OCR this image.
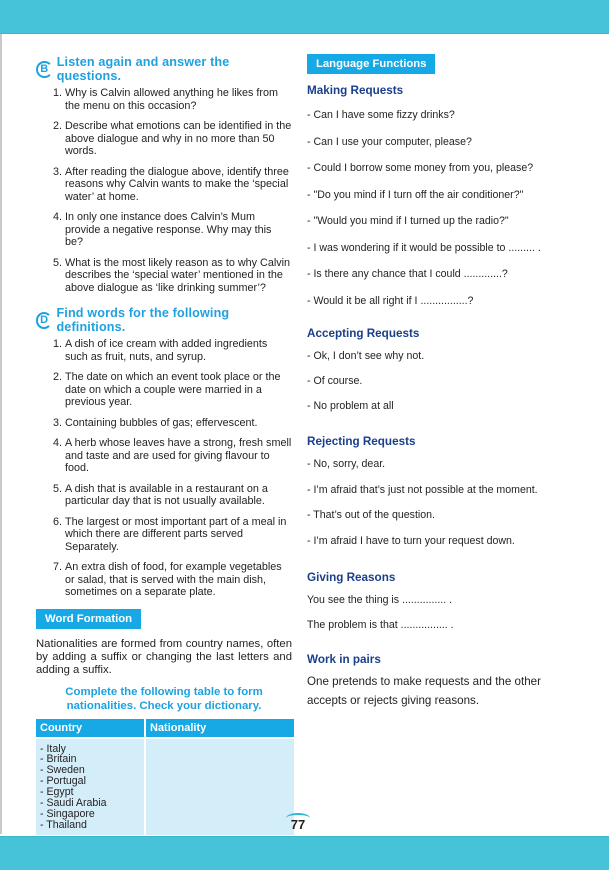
B Listen again and answer the questions.
1. Why is Calvin allowed anything he likes from the menu on this occasion?
2. Describe what emotions can be identified in the above dialogue and why in no more than 50 words.
3. After reading the dialogue above, identify three reasons why Calvin wants to make the ‘special water’ at home.
4. In only one instance does Calvin’s Mum provide a negative response. Why may this be?
5. What is the most likely reason as to why Calvin describes the ‘special water’ mentioned in the above dialogue as ‘like drinking summer’?
D Find words for the following definitions.
1. A dish of ice cream with added ingredients such as fruit, nuts, and syrup.
2. The date on which an event took place or the date on which a couple were married in a previous year.
3. Containing bubbles of gas; effervescent.
4. A herb whose leaves have a strong, fresh smell and taste and are used for giving flavour to food.
5. A dish that is available in a restaurant on a particular day that is not usually available.
6. The largest or most important part of a meal in which there are different parts served Separately.
7. An extra dish of food, for example vegetables or salad, that is served with the main dish, sometimes on a separate plate.
Word Formation

Nationalities are formed from country names, often by adding a suffix or changing the last letters and adding a suffix.

Complete the following table to form
nationalities. Check your dictionary.
Country	Nationality

- Italy
- Britain
- Sweden
- Portugal
- Egypt
- Saudi Arabia
- Singapore
- Thailand

Language Functions
Making Requests
- Can I have some fizzy drinks?
- Can I use your computer, please?
- Could I borrow some money from you, please?
- "Do you mind if I turn off the air conditioner?"
- "Would you mind if I turned up the radio?"
- I was wondering if it would be possible to ......... .
- Is there any chance that I could .............?
- Would it be all right if I ................?
Accepting Requests
- Ok, I don’t see why not.
- Of course.
- No problem at all
Rejecting Requests
- No, sorry, dear.
- I’m afraid that’s just not possible at the moment.
- That’s out of the question.
- I’m afraid I have to turn your request down.
Giving Reasons
You see the thing is ............... .
The problem is that ................ .
Work in pairs

One pretends to make requests and the other accepts or rejects giving reasons.

77
